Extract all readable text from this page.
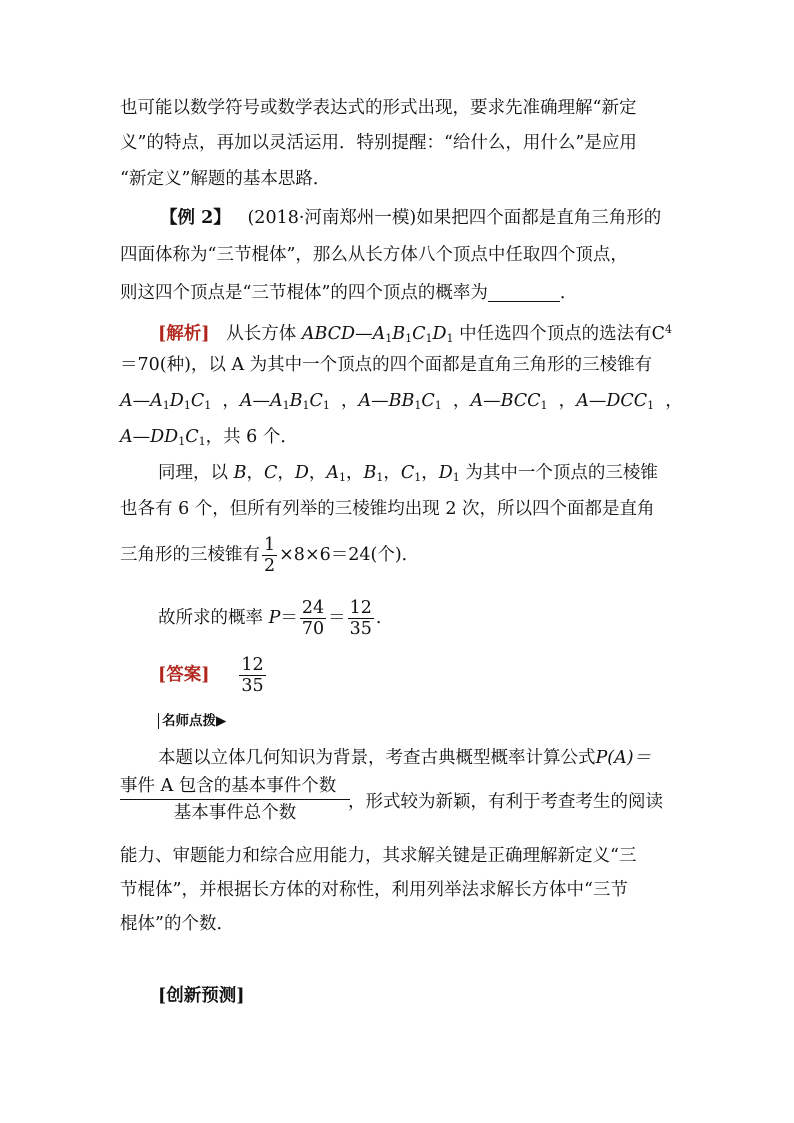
也可能以数学符号或数学表达式的形式出现，要求先准确理解“新定
义”的特点，再加以灵活运用．特别提醒：“给什么，用什么”是应用
“新定义”解题的基本思路．
【例 2】 (2018·河南郑州一模)如果把四个面都是直角三角形的
四面体称为“三节棍体”，那么从长方体八个顶点中任取四个顶点，
则这四个顶点是“三节棍体”的四个顶点的概率为	．
[解析] 从长方体 $ABCD—A_1B_1C_1D_1$ 中任选四个顶点的选法有$C^4$
＝70(种)，以 A 为其中一个顶点的四个面都是直角三角形的三棱锥有
$A—A_1D_1C_1$  ，$A—A_1B_1C_1$  ，$A—BB_1C_1$  ，$A—BCC_1$  ，$A—DCC_1$  ，
$A—DD_1C_1$，共 6 个．
同理，以 B，C，D，$A_1$，$B_1$，$C_1$，$D_1$ 为其中一个顶点的三棱锥
也各有 6 个，但所有列举的三棱锥均出现 2 次，所以四个面都是直角
三角形的三棱锥有 $\frac{1}{2} \times 8\times 6=24$(个)．
故所求的概率 $P= \frac{24}{70} = \frac{12}{35}$ .
[答案] $\frac{12}{35}$
名师点拨▶
本题以立体几何知识为背景，考查古典概型概率计算公式P(A)＝
事件 A 包含的基本事件个数
基本事件总个数
，形式较为新颖，有利于考查考生的阅读
能力、审题能力和综合应用能力，其求解关键是正确理解新定义“三
节棍体”，并根据长方体的对称性，利用列举法求解长方体中“三节
棍体”的个数．
[创新预测]
